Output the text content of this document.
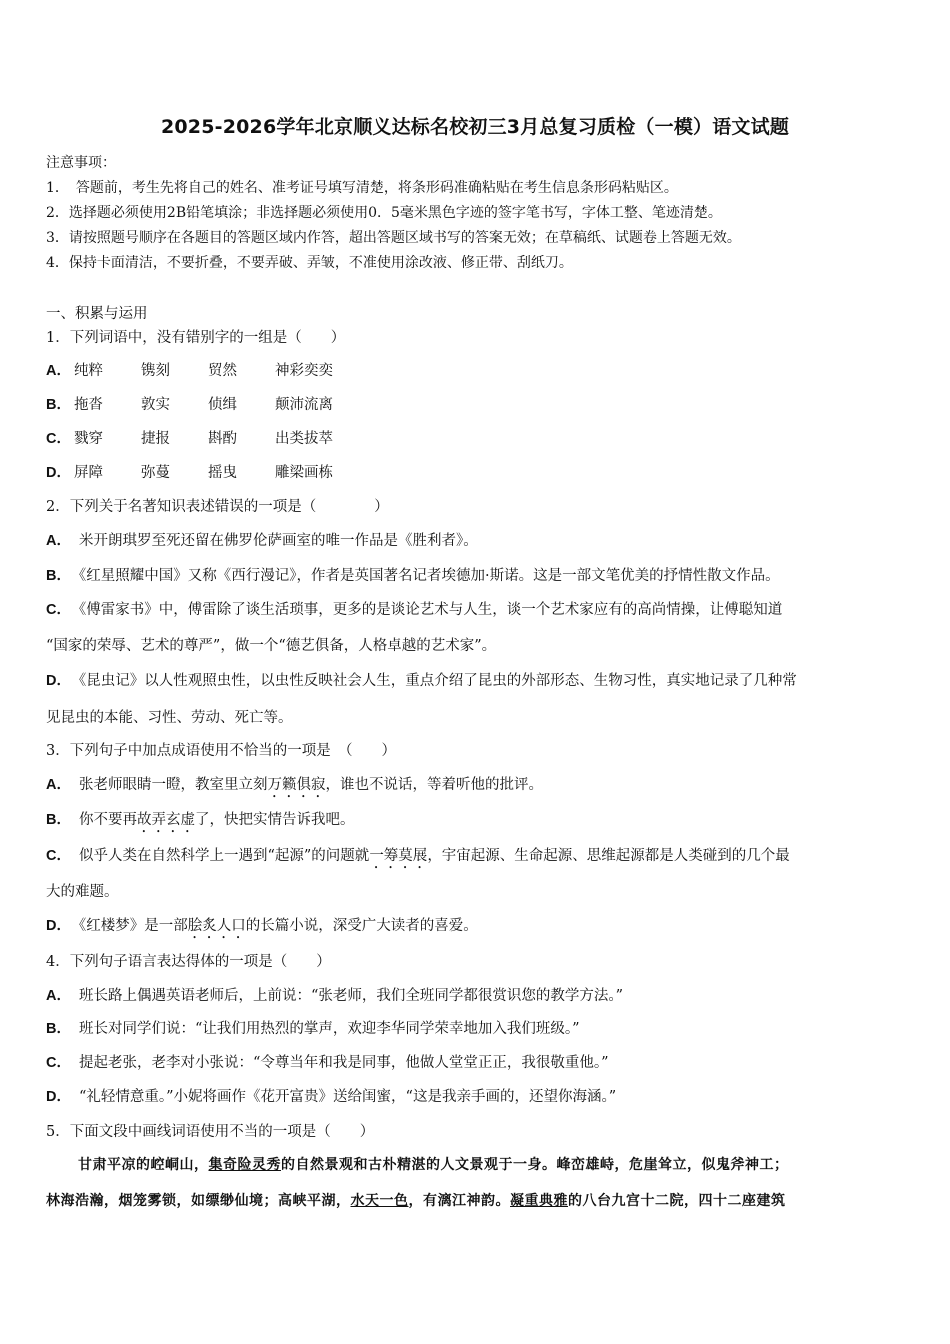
2025-2026学年北京顺义达标名校初三3月总复习质检（一模）语文试题
注意事项：
1．　答题前，考生先将自己的姓名、准考证号填写清楚，将条形码准确粘贴在考生信息条形码粘贴区。
2．选择题必须使用2B铅笔填涂；非选择题必须使用0．5毫米黑色字迹的签字笔书写，字体工整、笔迹清楚。
3．请按照题号顺序在各题目的答题区域内作答，超出答题区域书写的答案无效；在草稿纸、试题卷上答题无效。
4．保持卡面清洁，不要折叠，不要弄破、弄皱，不准使用涂改液、修正带、刮纸刀。
一、积累与运用
1．下列词语中，没有错别字的一组是（　　）
A． 纯粹	镌刻	贸然	神彩奕奕
B． 拖沓	敦实	侦缉	颠沛流离
C． 戮穿	捷报	斟酌	出类拔萃
D． 屏障	弥蔓	摇曳	雕梁画栋
2．下列关于名著知识表述错误的一项是（　　　　）
A． 米开朗琪罗至死还留在佛罗伦萨画室的唯一作品是《胜利者》。
B． 《红星照耀中国》又称《西行漫记》，作者是英国著名记者埃德加·斯诺。这是一部文笔优美的抒情性散文作品。
C． 《傅雷家书》中，傅雷除了谈生活琐事，更多的是谈论艺术与人生，谈一个艺术家应有的高尚情操，让傅聪知道
“国家的荣辱、艺术的尊严”，做一个“德艺俱备，人格卓越的艺术家”。
D． 《昆虫记》以人性观照虫性，以虫性反映社会人生，重点介绍了昆虫的外部形态、生物习性，真实地记录了几种常
见昆虫的本能、习性、劳动、死亡等。
3．下列句子中加点成语使用不恰当的一项是　（　　）
A． 张老师眼睛一瞪，教室里立刻万籁俱寂，谁也不说话，等着听他的批评。
B． 你不要再故弄玄虚了，快把实情告诉我吧。
C． 似乎人类在自然科学上一遇到“起源”的问题就一筹莫展，宇宙起源、生命起源、思维起源都是人类碰到的几个最
大的难题。
D． 《红楼梦》是一部脍炙人口的长篇小说，深受广大读者的喜爱。
4．下列句子语言表达得体的一项是（　　）
A． 班长路上偶遇英语老师后，上前说：“张老师，我们全班同学都很赏识您的教学方法。”
B． 班长对同学们说：“让我们用热烈的掌声，欢迎李华同学荣幸地加入我们班级。”
C． 提起老张，老李对小张说：“令尊当年和我是同事，他做人堂堂正正，我很敬重他。”
D． “礼轻情意重。”小妮将画作《花开富贵》送给闺蜜，“这是我亲手画的，还望你海涵。”
5．下面文段中画线词语使用不当的一项是（　　）
甘肃平凉的崆峒山，集奇险灵秀的自然景观和古朴精湛的人文景观于一身。峰峦雄峙，危崖耸立，似鬼斧神工；
林海浩瀚，烟笼雾锁，如缥缈仙境；高峡平湖，水天一色，有漓江神韵。凝重典雅的八台九宫十二院，四十二座建筑
